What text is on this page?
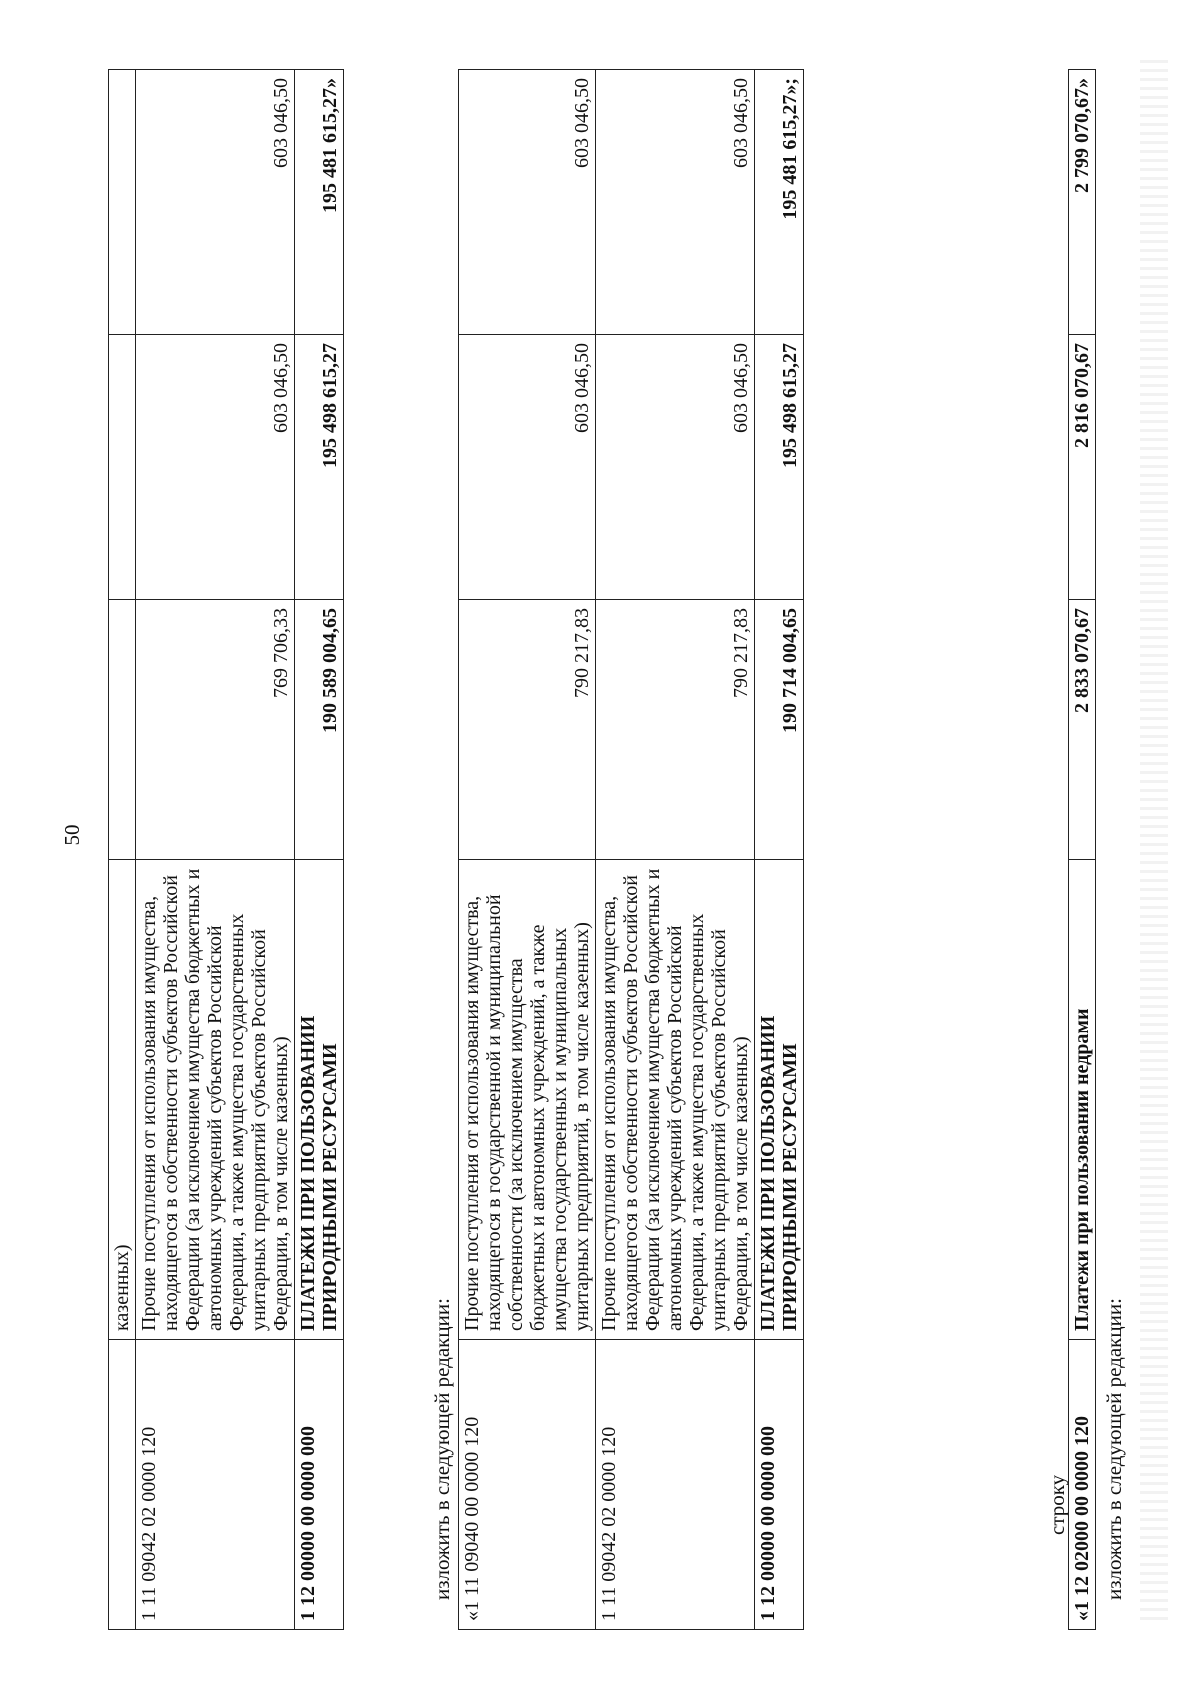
50
	казенных)			
1 11 09042 02 0000 120	Прочие поступления от использования имущества, находящегося в собственности субъектов Российской Федерации (за исключением имущества бюджетных и автономных учреждений субъектов Российской Федерации, а также имущества государственных унитарных предприятий субъектов Российской Федерации, в том числе казенных)	769 706,33	603 046,50	603 046,50
1 12 00000 00 0000 000	ПЛАТЕЖИ ПРИ ПОЛЬЗОВАНИИ ПРИРОДНЫМИ РЕСУРСАМИ	190 589 004,65	195 498 615,27	195 481 615,27»
изложить в следующей редакции: «1 11 09040 00 0000 120	Прочие поступления от использования имущества, находящегося в государственной и муниципальной собственности (за исключением имущества бюджетных и автономных учреждений, а также имущества государственных и муниципальных унитарных предприятий, в том числе казенных)	790 217,83	603 046,50	603 046,50
1 11 09042 02 0000 120	Прочие поступления от использования имущества, находящегося в собственности субъектов Российской Федерации (за исключением имущества бюджетных и автономных учреждений субъектов Российской Федерации, а также имущества государственных унитарных предприятий субъектов Российской Федерации, в том числе казенных)	790 217,83	603 046,50	603 046,50
1 12 00000 00 0000 000	ПЛАТЕЖИ ПРИ ПОЛЬЗОВАНИИ ПРИРОДНЫМИ РЕСУРСАМИ	190 714 004,65	195 498 615,27	195 481 615,27»;
строку «1 12 02000 00 0000 120	Платежи при пользовании недрами	2 833 070,67	2 816 070,67	2 799 070,67»
изложить в следующей редакции:
